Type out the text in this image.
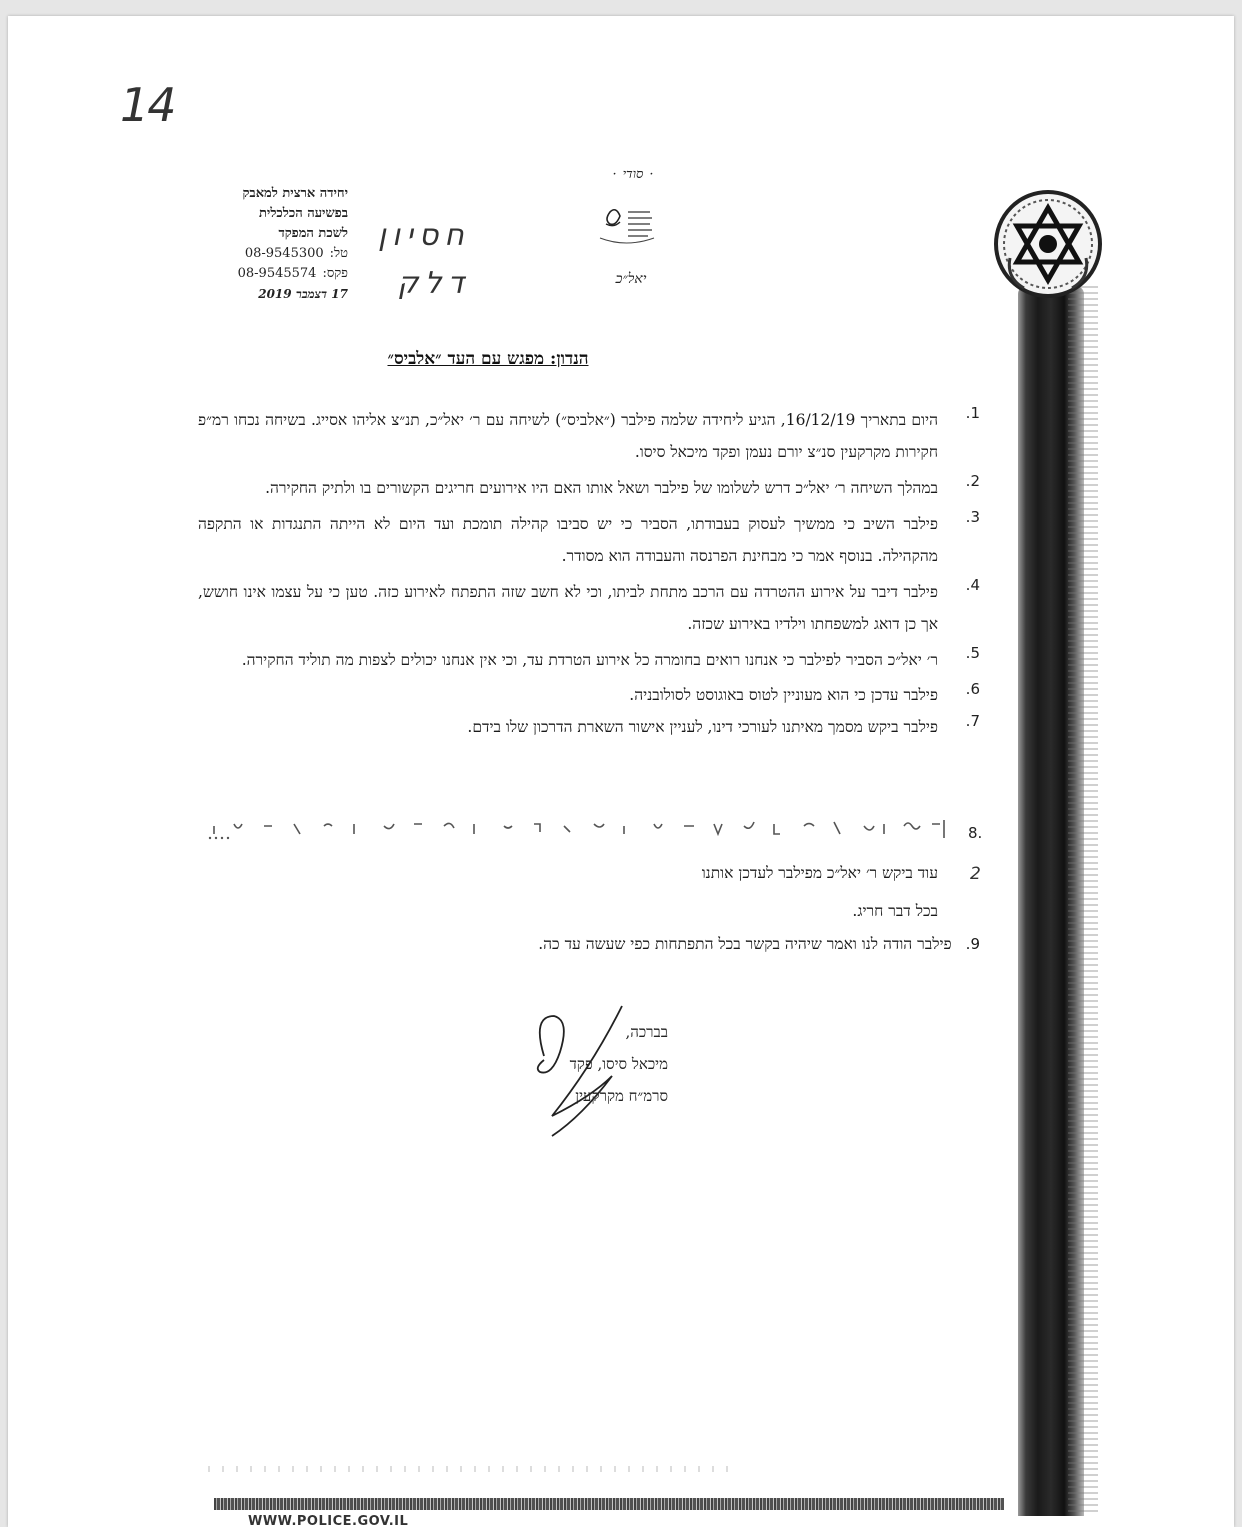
14
יחידה ארצית למאבק
בפשיעה הכלכלית
לשכת המפקד
טל:
08-9545300
פקס:
08-9545574
17 דצמבר 2019
חסיון
דלק
· סודי ·
יאל״כ
הנדון: מפגש עם העד ״אלביס״
1.
היום בתאריך 16/12/19, הגיע ליחידה שלמה פילבר (״אלביס״) לשיחה עם ר׳ יאל״כ, תנ״צ אליהו אסייג. בשיחה נכחו רמ״פ חקירות מקרקעין סנ״צ יורם נעמן ופקד מיכאל סיסו.
2.
במהלך השיחה ר׳ יאל״כ דרש לשלומו של פילבר ושאל אותו האם היו אירועים חריגים הקשורים בו ולתיק החקירה.
3.
פילבר השיב כי ממשיך לעסוק בעבודתו, הסביר כי יש סביבו קהילה תומכת ועד היום לא הייתה התנגדות או התקפה מהקהילה. בנוסף אמר כי מבחינת הפרנסה והעבודה הוא מסודר.
4.
פילבר דיבר על אירוע ההטרדה עם הרכב מתחת לביתו, וכי לא חשב שזה התפתח לאירוע כזה. טען כי על עצמו אינו חושש, אך כן דואג למשפחתו וילדיו באירוע שכזה.
5.
ר׳ יאל״כ הסביר לפילבר כי אנחנו רואים בחומרה כל אירוע הטרדת עד, וכי אין אנחנו יכולים לצפות מה תוליד החקירה.
6.
פילבר עדכן כי הוא מעוניין לטוס באוגוסט לסולובניה.
7.
פילבר ביקש מסמך מאיתנו לעורכי דינו, לעניין אישור השארת הדרכון שלו בידם.
8.
2
עוד ביקש ר׳ יאל״כ מפילבר לעדכן אותנו
בכל דבר חריג.
9.פילבר הודה לנו ואמר שיהיה בקשר בכל התפתחות כפי שעשה עד כה.
בברכה,
מיכאל סיסו, פקד
סרמ״ח מקרקעין
WWW.POLICE.GOV.IL
